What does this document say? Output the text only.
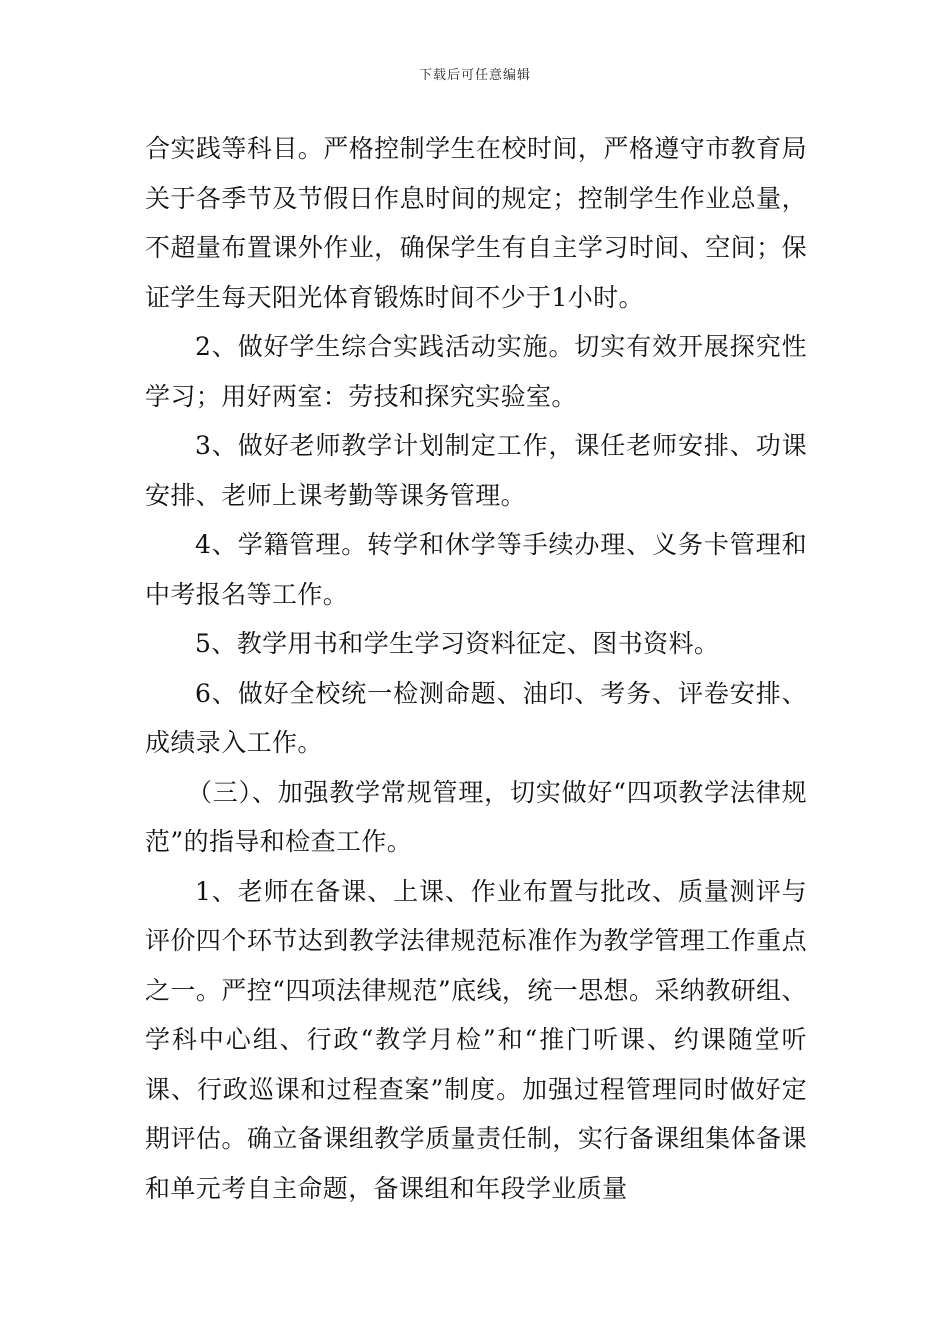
下载后可任意编辑

合实践等科目。严格控制学生在校时间，严格遵守市教育局关于各季节及节假日作息时间的规定；控制学生作业总量，不超量布置课外作业，确保学生有自主学习时间、空间；保证学生每天阳光体育锻炼时间不少于1小时。

2、做好学生综合实践活动实施。切实有效开展探究性学习；用好两室：劳技和探究实验室。

3、做好老师教学计划制定工作，课任老师安排、功课安排、老师上课考勤等课务管理。

4、学籍管理。转学和休学等手续办理、义务卡管理和中考报名等工作。

5、教学用书和学生学习资料征定、图书资料。

6、做好全校统一检测命题、油印、考务、评卷安排、成绩录入工作。

（三）、加强教学常规管理，切实做好“四项教学法律规范”的指导和检查工作。

1、老师在备课、上课、作业布置与批改、质量测评与评价四个环节达到教学法律规范标准作为教学管理工作重点之一。严控“四项法律规范”底线，统一思想。采纳教研组、学科中心组、行政“教学月检”和“推门听课、约课随堂听课、行政巡课和过程查案”制度。加强过程管理同时做好定期评估。确立备课组教学质量责任制，实行备课组集体备课和单元考自主命题，备课组和年段学业质量
